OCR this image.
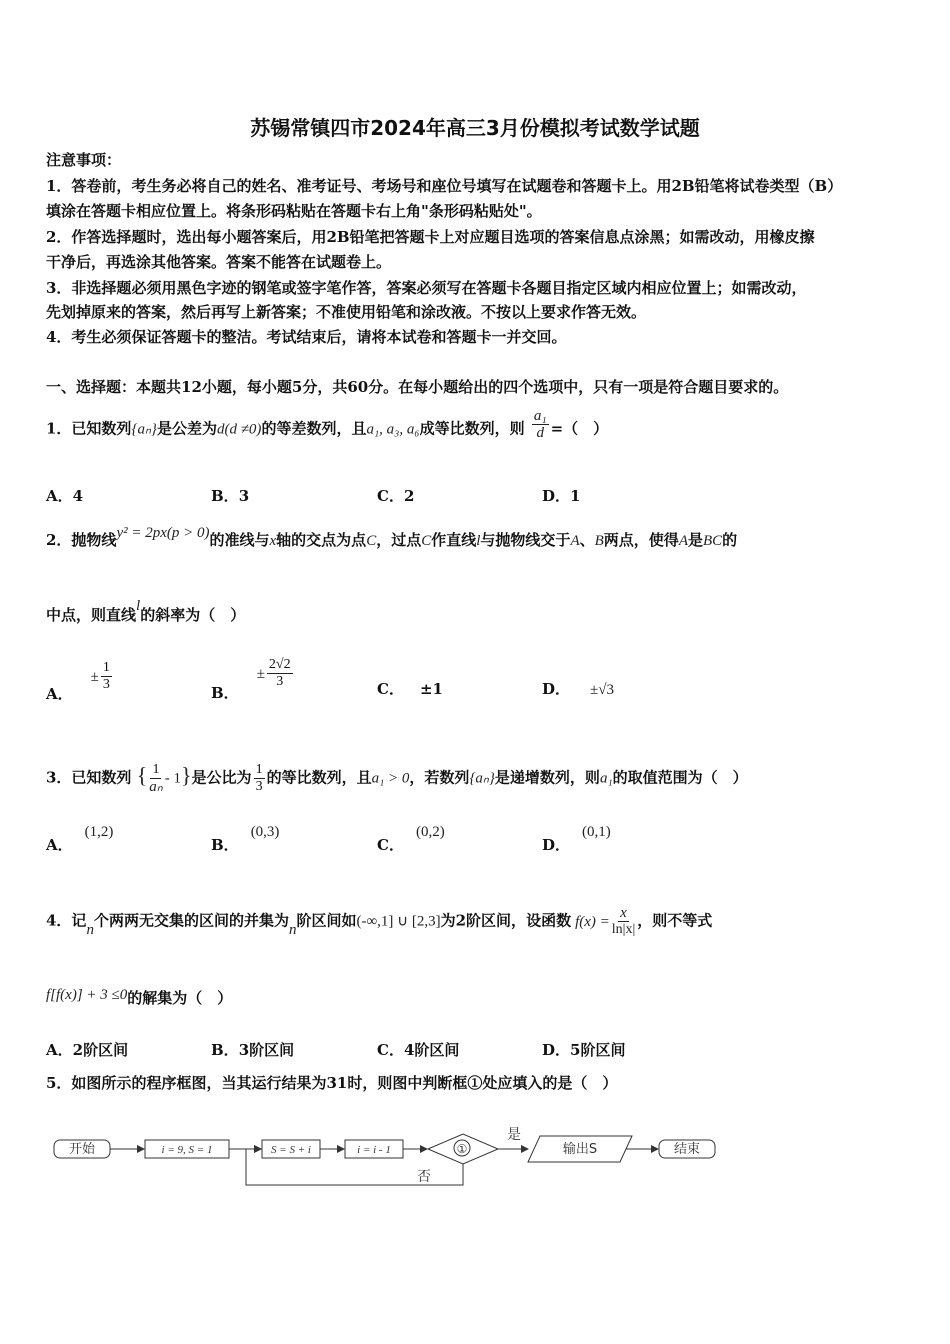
苏锡常镇四市2024年高三3月份模拟考试数学试题
注意事项：
1．答卷前，考生务必将自己的姓名、准考证号、考场号和座位号填写在试题卷和答题卡上。用2B铅笔将试卷类型（B）
填涂在答题卡相应位置上。将条形码粘贴在答题卡右上角"条形码粘贴处"。
2．作答选择题时，选出每小题答案后，用2B铅笔把答题卡上对应题目选项的答案信息点涂黑；如需改动，用橡皮擦
干净后，再选涂其他答案。答案不能答在试题卷上。
3．非选择题必须用黑色字迹的钢笔或签字笔作答，答案必须写在答题卡各题目指定区域内相应位置上；如需改动，
先划掉原来的答案，然后再写上新答案；不准使用铅笔和涂改液。不按以上要求作答无效。
4．考生必须保证答题卡的整洁。考试结束后，请将本试卷和答题卡一并交回。
一、选择题：本题共12小题，每小题5分，共60分。在每小题给出的四个选项中，只有一项是符合题目要求的。
1．已知数列{aₙ}是公差为d(d ≠0)的等差数列，且a₁, a₃, a₆成等比数列，则 $\frac{\text{a₁}}{d}$ =（　）
A．4	B．3	C．2	D．1
2．抛物线y² = 2px(p > 0)的准线与x轴的交点为点C，过点C作直线l与抛物线交于A、B两点，使得A是BC的
中点，则直线l的斜率为（　）
A．± $\frac{1}{3}$	B．± $\frac{2√2}{3}$	C． ±1	D． ±√3
3．已知数列 { $\frac{1}{\text{aₙ}} - 1$}是公比为 $\frac{1}{3}$ 的等比数列，且a₁ > 0，若数列{aₙ}是递增数列，则a₁的取值范围为（　）
A．(1,2)
B．(0,3)
C．(0,2)
D．(0,1)
4．记n个两两无交集的区间的并集为n阶区间如(-∞,1] ∪ [2,3]为2阶区间，设函数 $f(x) = \frac{x}{\ln|x|}$ ，则不等式
f[f(x)] + 3 ≤0的解集为（　）
A．2阶区间	B．3阶区间	C．4阶区间	D．5阶区间
5．如图所示的程序框图，当其运行结果为31时，则图中判断框①处应填入的是（　）
开始	i = 9, S = 1	S = S + i	i = i - 1	①
是
否
输出S	结束
